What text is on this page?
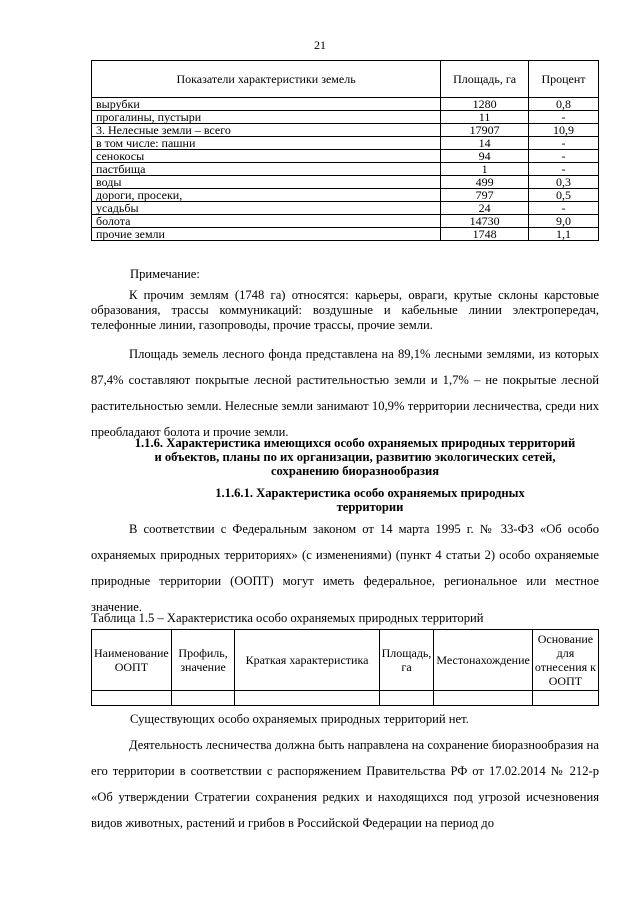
21
Показатели характеристики земель	Площадь, га	Процент
вырубки	1280	0,8
прогалины, пустыри	11	-
3. Нелесные земли – всего	17907	10,9
в том числе: пашни	14	-
сенокосы	94	-
пастбища	1	-
воды	499	0,3
дороги, просеки,	797	0,5
усадьбы	24	-
болота	14730	9,0
прочие земли	1748	1,1
Примечание:
К прочим землям (1748 га) относятся: карьеры, овраги, крутые склоны карстовые образования, трассы коммуникаций: воздушные и кабельные линии электропередач, телефонные линии, газопроводы, прочие трассы, прочие земли.
Площадь земель лесного фонда представлена на 89,1% лесными землями, из которых 87,4% составляют покрытые лесной растительностью земли и 1,7% – не покрытые лесной растительностью земли. Нелесные земли занимают 10,9% территории лесничества, среди них преобладают болота и прочие земли.
1.1.6. Характеристика имеющихся особо охраняемых природных территорий и объектов, планы по их организации, развитию экологических сетей, сохранению биоразнообразия
1.1.6.1. Характеристика особо охраняемых природных территории
В соответствии с Федеральным законом от 14 марта 1995 г. № 33-ФЗ «Об особо охраняемых природных территориях» (с изменениями) (пункт 4 статьи 2) особо охраняемые природные территории (ООПТ) могут иметь федеральное, региональное или местное значение.
Таблица 1.5 – Характеристика особо охраняемых природных территорий
Наименование ООПТ	Профиль, значение	Краткая характеристика	Площадь, га	Местонахождение	Основание для отнесения к ООПТ

Существующих особо охраняемых природных территорий нет.
Деятельность лесничества должна быть направлена на сохранение биоразнообразия на его территории в соответствии с распоряжением Правительства РФ от 17.02.2014 № 212-р «Об утверждении Стратегии сохранения редких и находящихся под угрозой исчезновения видов животных, растений и грибов в Российской Федерации на период до
